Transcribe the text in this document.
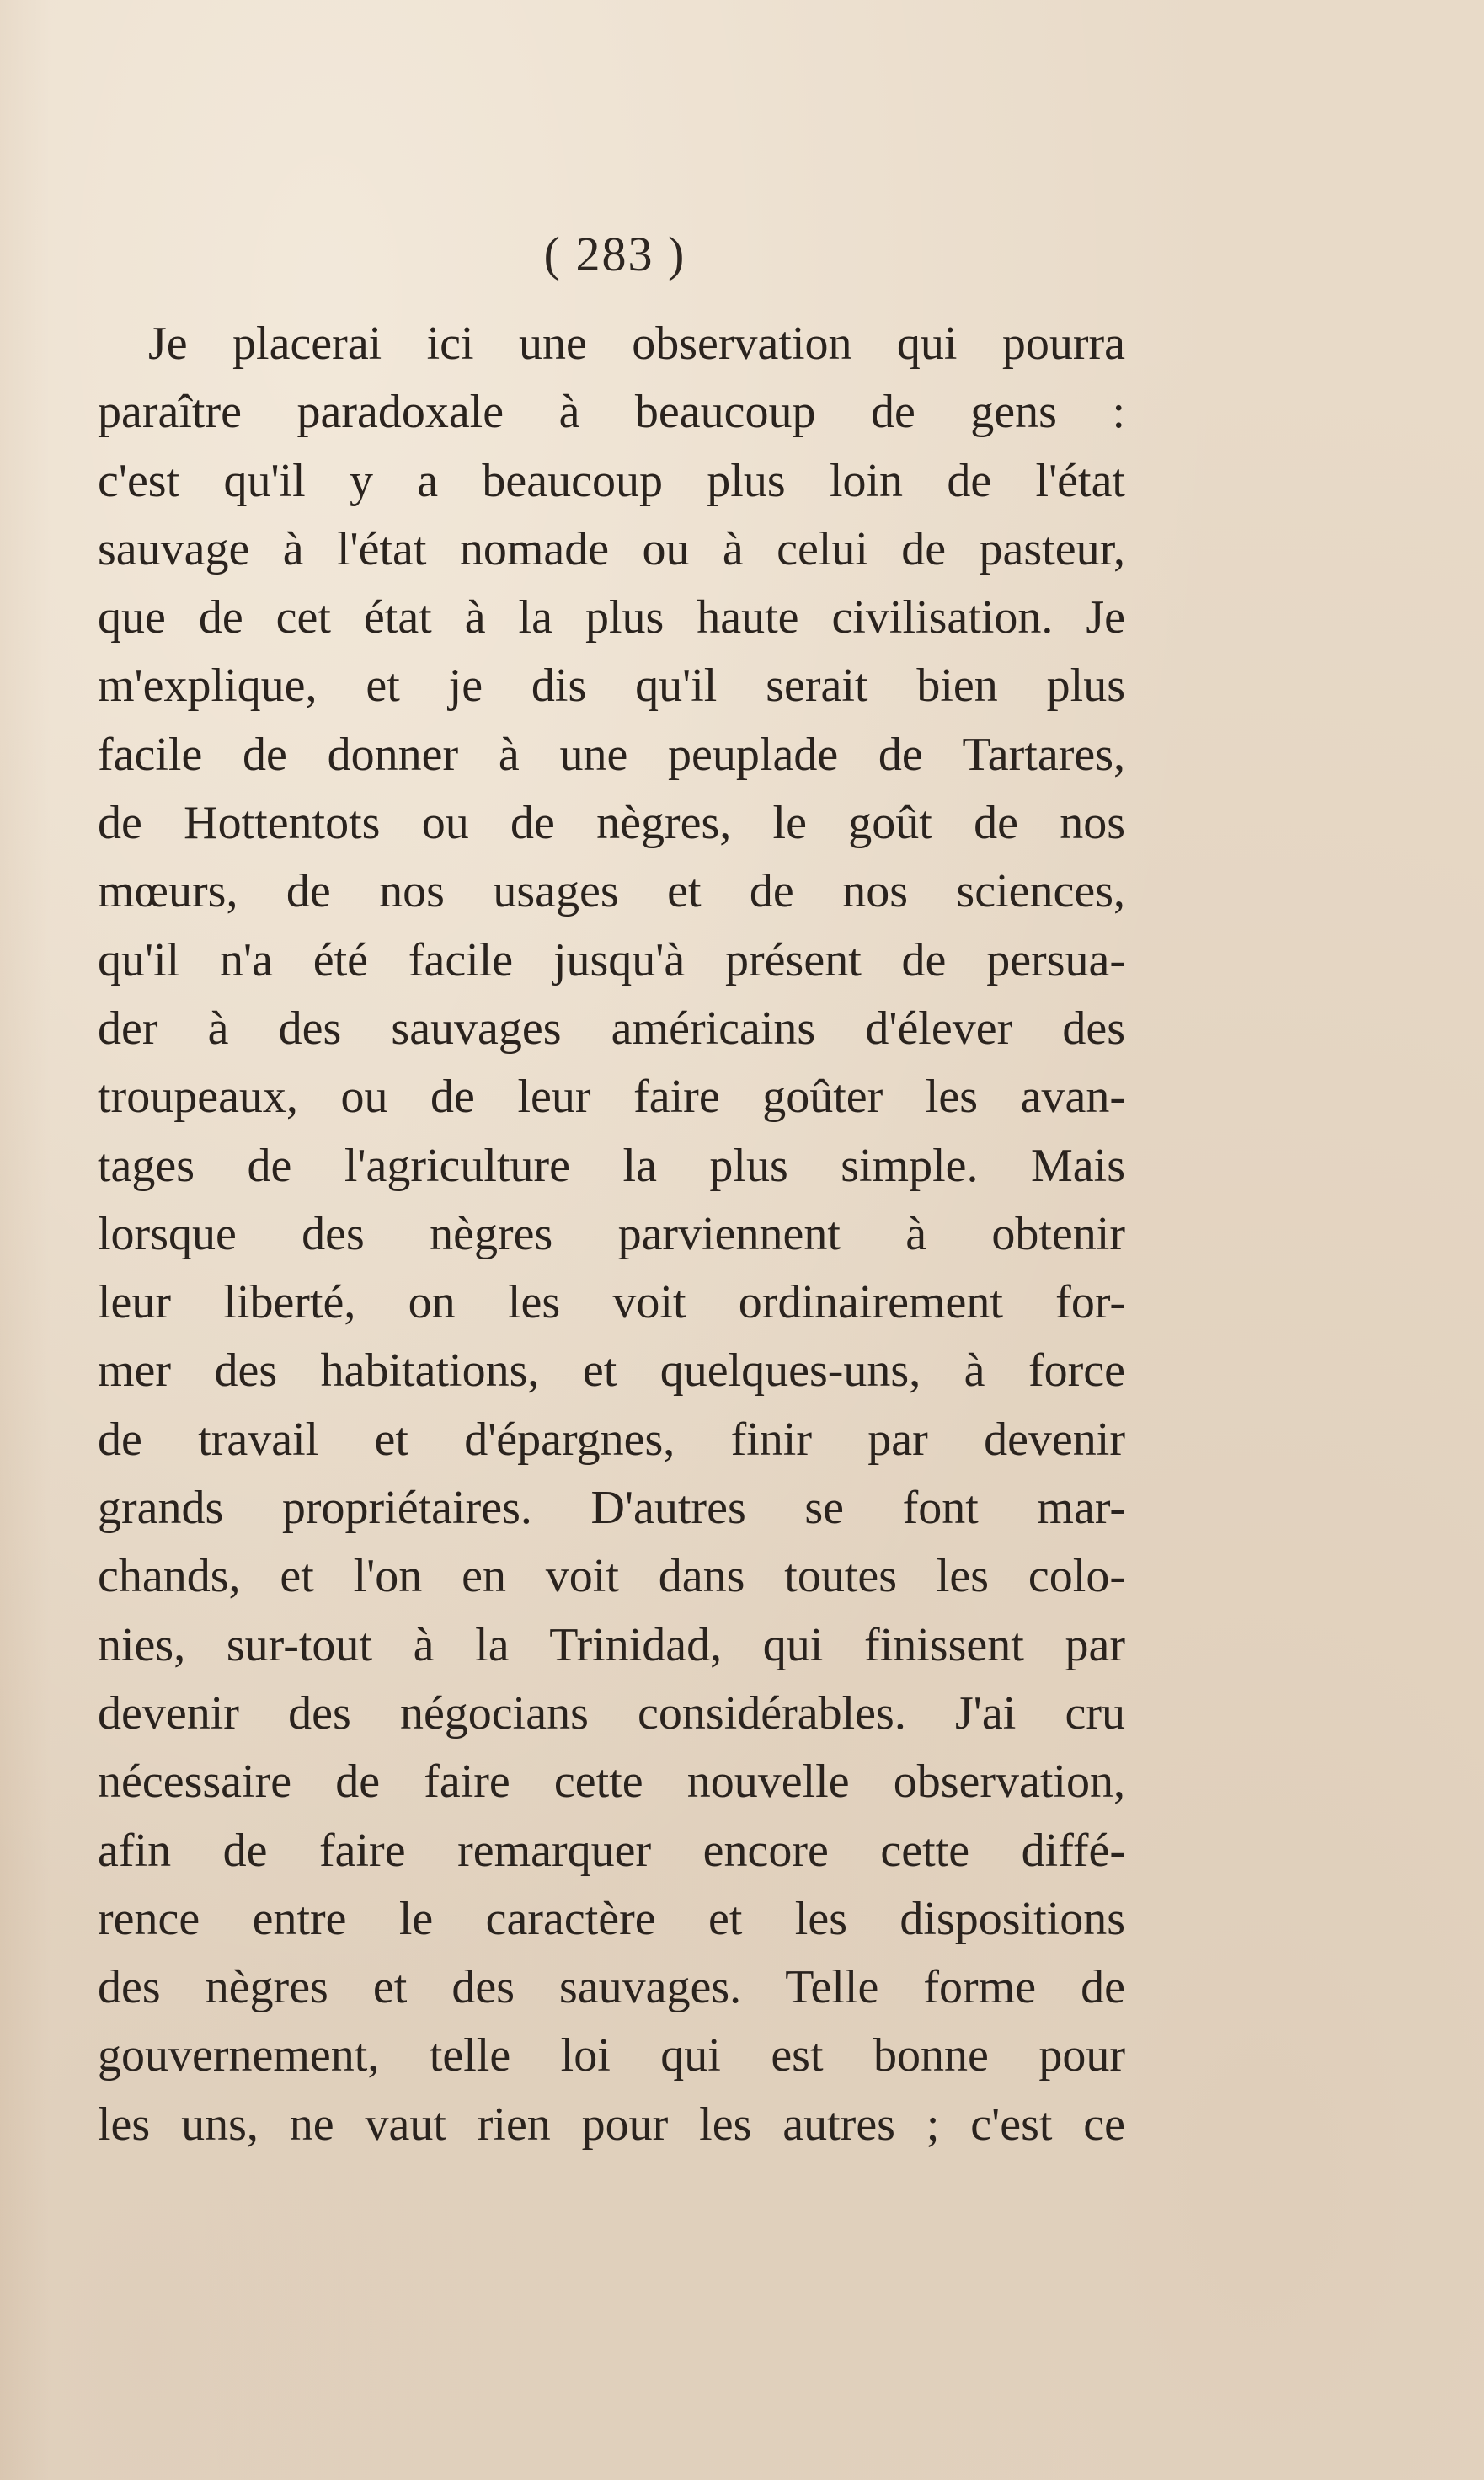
( 283 )
Je placerai ici une observation qui pourra
paraître paradoxale à beaucoup de gens :
c'est qu'il y a beaucoup plus loin de l'état
sauvage à l'état nomade ou à celui de pasteur,
que de cet état à la plus haute civilisation. Je
m'explique, et je dis qu'il serait bien plus
facile de donner à une peuplade de Tartares,
de Hottentots ou de nègres, le goût de nos
mœurs, de nos usages et de nos sciences,
qu'il n'a été facile jusqu'à présent de persua-
der à des sauvages américains d'élever des
troupeaux, ou de leur faire goûter les avan-
tages de l'agriculture la plus simple. Mais
lorsque des nègres parviennent à obtenir
leur liberté, on les voit ordinairement for-
mer des habitations, et quelques-uns, à force
de travail et d'épargnes, finir par devenir
grands propriétaires. D'autres se font mar-
chands, et l'on en voit dans toutes les colo-
nies, sur-tout à la Trinidad, qui finissent par
devenir des négocians considérables. J'ai cru
nécessaire de faire cette nouvelle observation,
afin de faire remarquer encore cette diffé-
rence entre le caractère et les dispositions
des nègres et des sauvages. Telle forme de
gouvernement, telle loi qui est bonne pour
les uns, ne vaut rien pour les autres ; c'est ce
